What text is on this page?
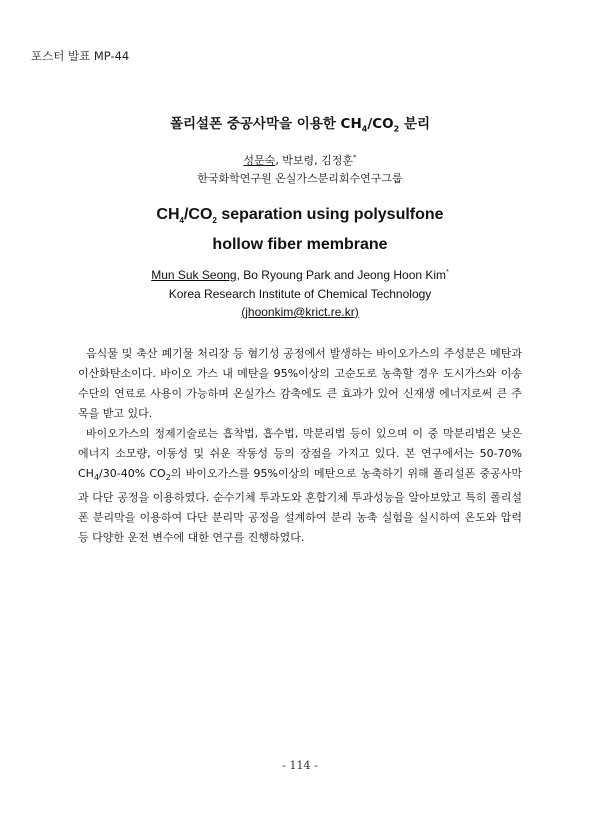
포스터 발표 MP-44
폴리설폰 중공사막을 이용한 $CH_4/CO_2$ 분리
성문숙, 박보령, 김정훈*
한국화학연구원 온실가스분리회수연구그룹
$CH_4/CO_2$ separation using polysulfone
hollow fiber membrane
Mun Suk Seong, Bo Ryoung Park and Jeong Hoon Kim*
Korea Research Institute of Chemical Technology
(jhoonkim@krict.re.kr)

음식물 및 축산 폐기물 처리장 등 혐기성 공정에서 발생하는 바이오가스의 주성분은 메탄과 이산화탄소이다. 바이오 가스 내 메탄을 95%이상의 고순도로 농축할 경우 도시가스와 이송수단의 연료로 사용이 가능하며 온실가스 감축에도 큰 효과가 있어 신재생 에너지로써 큰 주목을 받고 있다.

바이오가스의 정제기술로는 흡착법, 흡수법, 막분리법 등이 있으며 이 중 막분리법은 낮은 에너지 소모량, 이동성 및 쉬운 작동성 등의 장점을 가지고 있다. 본 연구에서는 50-70% $CH_4/30-40\%$ $CO_2$의 바이오가스를 95%이상의 메탄으로 농축하기 위해 폴리설폰 중공사막과 다단 공정을 이용하였다. 순수기체 투과도와 혼합기체 투과성능을 알아보았고 특히 폴리설폰 분리막을 이용하여 다단 분리막 공정을 설계하여 분리 농축 실험을 실시하여 온도와 압력 등 다양한 운전 변수에 대한 연구를 진행하였다.

- 114 -
